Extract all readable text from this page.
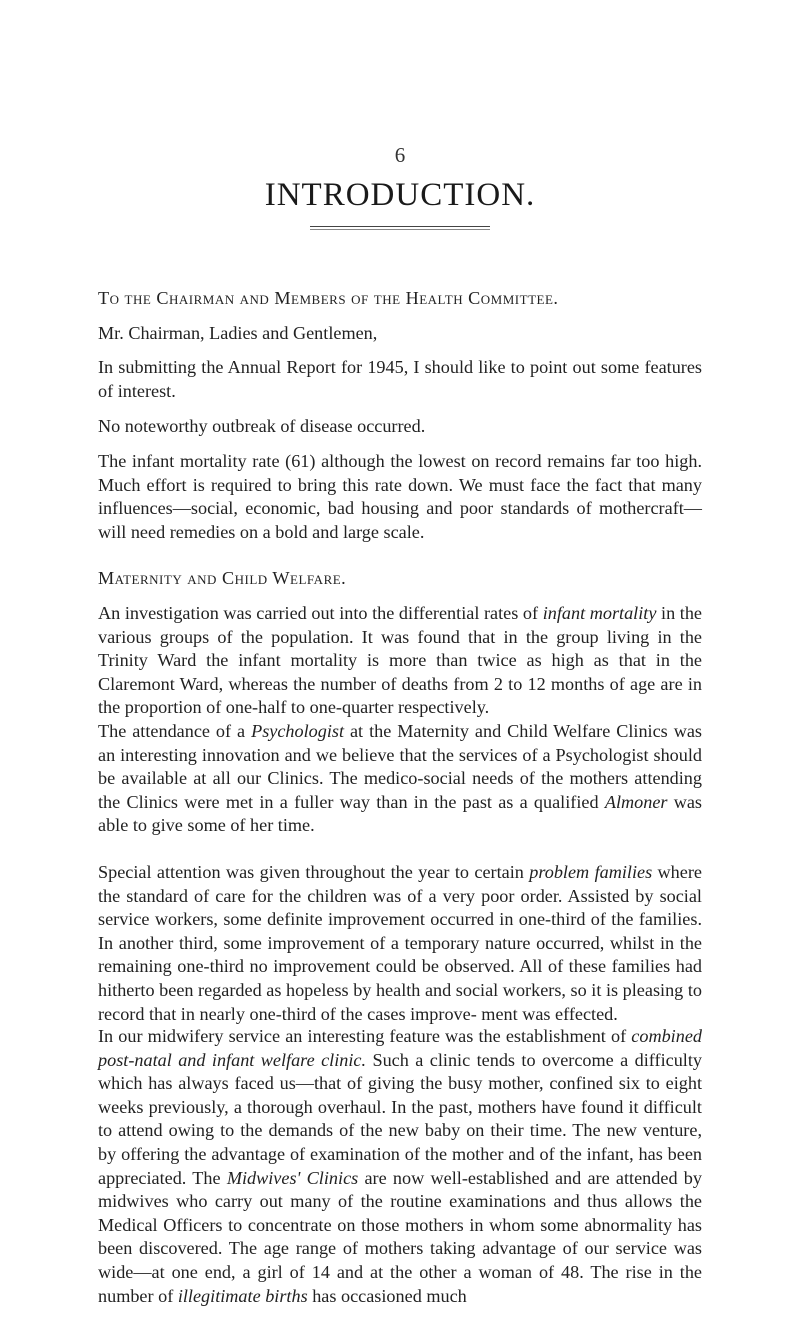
6
INTRODUCTION.

To the Chairman and Members of the Health Committee.

Mr. Chairman, Ladies and Gentlemen,

In submitting the Annual Report for 1945, I should like to point out some features of interest.

No noteworthy outbreak of disease occurred.

The infant mortality rate (61) although the lowest on record remains far too high. Much effort is required to bring this rate down. We must face the fact that many influences—social, economic, bad housing and poor standards of mothercraft—will need remedies on a bold and large scale.

Maternity and Child Welfare.

An investigation was carried out into the differential rates of infant mortality in the various groups of the population. It was found that in the group living in the Trinity Ward the infant mortality is more than twice as high as that in the Claremont Ward, whereas the number of deaths from 2 to 12 months of age are in the proportion of one-half to one-quarter respectively.

The attendance of a Psychologist at the Maternity and Child Welfare Clinics was an interesting innovation and we believe that the services of a Psychologist should be available at all our Clinics. The medico-social needs of the mothers attending the Clinics were met in a fuller way than in the past as a qualified Almoner was able to give some of her time.

Special attention was given throughout the year to certain problem families where the standard of care for the children was of a very poor order. Assisted by social service workers, some definite improvement occurred in one-third of the families. In another third, some improvement of a temporary nature occurred, whilst in the remaining one-third no improvement could be observed. All of these families had hitherto been regarded as hopeless by health and social workers, so it is pleasing to record that in nearly one-third of the cases improve- ment was effected.

In our midwifery service an interesting feature was the establishment of combined post-natal and infant welfare clinic. Such a clinic tends to overcome a difficulty which has always faced us—that of giving the busy mother, confined six to eight weeks previously, a thorough overhaul. In the past, mothers have found it difficult to attend owing to the demands of the new baby on their time. The new venture, by offering the advantage of examination of the mother and of the infant, has been appreciated. The Midwives' Clinics are now well-established and are attended by midwives who carry out many of the routine examinations and thus allows the Medical Officers to concentrate on those mothers in whom some abnormality has been discovered. The age range of mothers taking advantage of our service was wide—at one end, a girl of 14 and at the other a woman of 48. The rise in the number of illegitimate births has occasioned much
